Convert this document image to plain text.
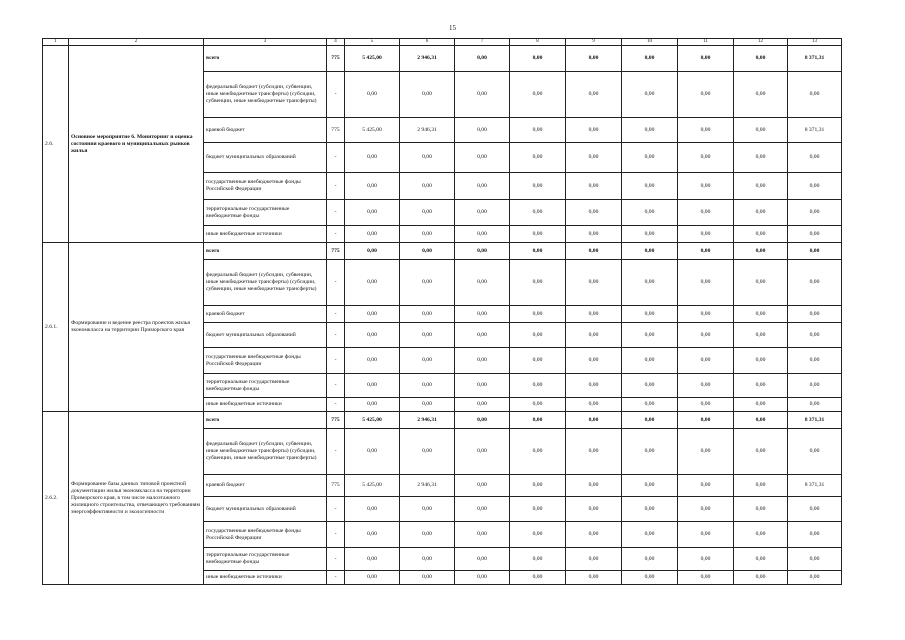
15
1	2	3	4	5	6	7	8	9	10	11	12	13
2.6.	Основное мероприятие 6. Мониторинг и оценка состояния краевого и муниципальных рынков жилья	всего	775	5 425,00	2 946,31	0,00	0,00	0,00	0,00	0,00	0,00	8 371,31
		федеральный бюджет (субсидии, субвенции, иные межбюджетные трансферты) (субсидии, субвенции, иные межбюджетные трансферты)	-	0,00	0,00	0,00	0,00	0,00	0,00	0,00	0,00	0,00
		краевой бюджет	775	5 425,00	2 946,31	0,00	0,00	0,00	0,00	0,00	0,00	8 371,31
		бюджет муниципальных образований	-	0,00	0,00	0,00	0,00	0,00	0,00	0,00	0,00	0,00
		государственные внебюджетные фонды Российской Федерации	-	0,00	0,00	0,00	0,00	0,00	0,00	0,00	0,00	0,00
		территориальные государственные внебюджетные фонды	-	0,00	0,00	0,00	0,00	0,00	0,00	0,00	0,00	0,00
		иные внебюджетные источники	-	0,00	0,00	0,00	0,00	0,00	0,00	0,00	0,00	0,00
2.6.1.	Формирование и ведение реестра проектов жилья экономкласса на территории Приморского края	всего	775	0,00	0,00	0,00	0,00	0,00	0,00	0,00	0,00	0,00
		федеральный бюджет (субсидии, субвенции, иные межбюджетные трансферты) (субсидии, субвенции, иные межбюджетные трансферты)	-	0,00	0,00	0,00	0,00	0,00	0,00	0,00	0,00	0,00
		краевой бюджет	-	0,00	0,00	0,00	0,00	0,00	0,00	0,00	0,00	0,00
		бюджет муниципальных образований	-	0,00	0,00	0,00	0,00	0,00	0,00	0,00	0,00	0,00
		государственные внебюджетные фонды Российской Федерации	-	0,00	0,00	0,00	0,00	0,00	0,00	0,00	0,00	0,00
		территориальные государственные внебюджетные фонды	-	0,00	0,00	0,00	0,00	0,00	0,00	0,00	0,00	0,00
		иные внебюджетные источники	-	0,00	0,00	0,00	0,00	0,00	0,00	0,00	0,00	0,00
2.6.2.	Формирование базы данных типовой проектной документации жилья экономкласса на территории Приморского края, в том числе малоэтажного жилищного строительства, отвечающего требованиям энергоэффективности и экологичности	всего	775	5 425,00	2 946,31	0,00	0,00	0,00	0,00	0,00	0,00	8 371,31
		федеральный бюджет (субсидии, субвенции, иные межбюджетные трансферты) (субсидии, субвенции, иные межбюджетные трансферты)	-	0,00	0,00	0,00	0,00	0,00	0,00	0,00	0,00	0,00
		краевой бюджет	775	5 425,00	2 946,31	0,00	0,00	0,00	0,00	0,00	0,00	8 371,31
		бюджет муниципальных образований	-	0,00	0,00	0,00	0,00	0,00	0,00	0,00	0,00	0,00
		государственные внебюджетные фонды Российской Федерации	-	0,00	0,00	0,00	0,00	0,00	0,00	0,00	0,00	0,00
		территориальные государственные внебюджетные фонды	-	0,00	0,00	0,00	0,00	0,00	0,00	0,00	0,00	0,00
		иные внебюджетные источники	-	0,00	0,00	0,00	0,00	0,00	0,00	0,00	0,00	0,00
